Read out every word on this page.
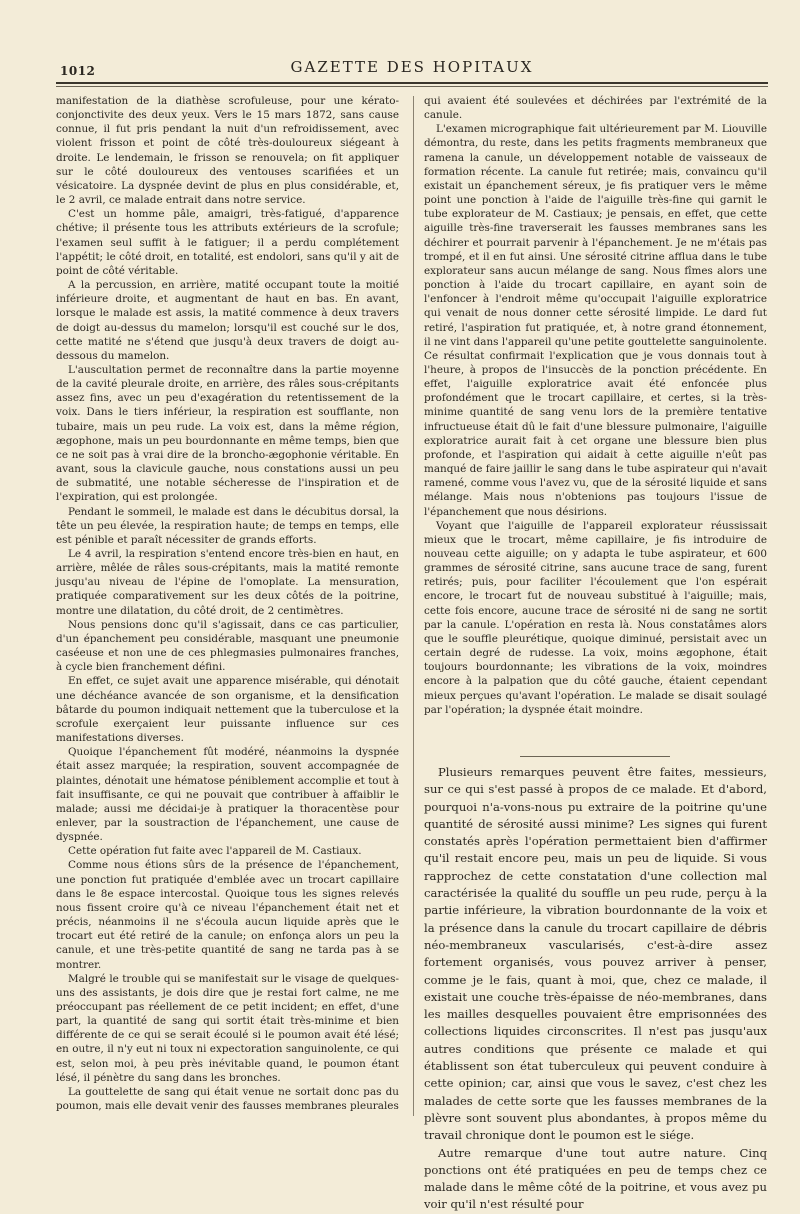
1012	GAZETTE DES HOPITAUX

manifestation de la diathèse scrofuleuse, pour une kérato-conjonctivite des deux yeux. Vers le 15 mars 1872, sans cause connue, il fut pris pendant la nuit d'un refroidissement, avec violent frisson et point de côté très-douloureux siégeant à droite. Le lendemain, le frisson se renouvela; on fit appliquer sur le côté douloureux des ventouses scarifiées et un vésicatoire. La dyspnée devint de plus en plus considérable, et, le 2 avril, ce malade entrait dans notre service.

C'est un homme pâle, amaigri, très-fatigué, d'apparence chétive; il présente tous les attributs extérieurs de la scrofule; l'examen seul suffit à le fatiguer; il a perdu complétement l'appétit; le côté droit, en totalité, est endolori, sans qu'il y ait de point de côté véritable.

A la percussion, en arrière, matité occupant toute la moitié inférieure droite, et augmentant de haut en bas. En avant, lorsque le malade est assis, la matité commence à deux travers de doigt au-dessus du mamelon; lorsqu'il est couché sur le dos, cette matité ne s'étend que jusqu'à deux travers de doigt au-dessous du mamelon.

L'auscultation permet de reconnaître dans la partie moyenne de la cavité pleurale droite, en arrière, des râles sous-crépitants assez fins, avec un peu d'exagération du retentissement de la voix. Dans le tiers inférieur, la respiration est soufflante, non tubaire, mais un peu rude. La voix est, dans la même région, ægophone, mais un peu bourdonnante en même temps, bien que ce ne soit pas à vrai dire de la broncho-ægophonie véritable. En avant, sous la clavicule gauche, nous constations aussi un peu de submatité, une notable sécheresse de l'inspiration et de l'expiration, qui est prolongée.

Pendant le sommeil, le malade est dans le décubitus dorsal, la tête un peu élevée, la respiration haute; de temps en temps, elle est pénible et paraît nécessiter de grands efforts.

Le 4 avril, la respiration s'entend encore très-bien en haut, en arrière, mêlée de râles sous-crépitants, mais la matité remonte jusqu'au niveau de l'épine de l'omoplate. La mensuration, pratiquée comparativement sur les deux côtés de la poitrine, montre une dilatation, du côté droit, de 2 centimètres.

Nous pensions donc qu'il s'agissait, dans ce cas particulier, d'un épanchement peu considérable, masquant une pneumonie caséeuse et non une de ces phlegmasies pulmonaires franches, à cycle bien franchement défini.

En effet, ce sujet avait une apparence misérable, qui dénotait une déchéance avancée de son organisme, et la densification bâtarde du poumon indiquait nettement que la tuberculose et la scrofule exerçaient leur puissante influence sur ces manifestations diverses.

Quoique l'épanchement fût modéré, néanmoins la dyspnée était assez marquée; la respiration, souvent accompagnée de plaintes, dénotait une hématose péniblement accomplie et tout à fait insuffisante, ce qui ne pouvait que contribuer à affaiblir le malade; aussi me décidai-je à pratiquer la thoracentèse pour enlever, par la soustraction de l'épanchement, une cause de dyspnée.

Cette opération fut faite avec l'appareil de M. Castiaux.

Comme nous étions sûrs de la présence de l'épanchement, une ponction fut pratiquée d'emblée avec un trocart capillaire dans le 8e espace intercostal. Quoique tous les signes relevés nous fissent croire qu'à ce niveau l'épanchement était net et précis, néanmoins il ne s'écoula aucun liquide après que le trocart eut été retiré de la canule; on enfonça alors un peu la canule, et une très-petite quantité de sang ne tarda pas à se montrer.

Malgré le trouble qui se manifestait sur le visage de quelques-uns des assistants, je dois dire que je restai fort calme, ne me préoccupant pas réellement de ce petit incident; en effet, d'une part, la quantité de sang qui sortit était très-minime et bien différente de ce qui se serait écoulé si le poumon avait été lésé; en outre, il n'y eut ni toux ni expectoration sanguinolente, ce qui est, selon moi, à peu près inévitable quand, le poumon étant lésé, il pénètre du sang dans les bronches.

La gouttelette de sang qui était venue ne sortait donc pas du poumon, mais elle devait venir des fausses membranes pleurales

qui avaient été soulevées et déchirées par l'extrémité de la canule.

L'examen micrographique fait ultérieurement par M. Liouville démontra, du reste, dans les petits fragments membraneux que ramena la canule, un développement notable de vaisseaux de formation récente. La canule fut retirée; mais, convaincu qu'il existait un épanchement séreux, je fis pratiquer vers le même point une ponction à l'aide de l'aiguille très-fine qui garnit le tube explorateur de M. Castiaux; je pensais, en effet, que cette aiguille très-fine traverserait les fausses membranes sans les déchirer et pourrait parvenir à l'épanchement. Je ne m'étais pas trompé, et il en fut ainsi. Une sérosité citrine afflua dans le tube explorateur sans aucun mélange de sang. Nous fîmes alors une ponction à l'aide du trocart capillaire, en ayant soin de l'enfoncer à l'endroit même qu'occupait l'aiguille exploratrice qui venait de nous donner cette sérosité limpide. Le dard fut retiré, l'aspiration fut pratiquée, et, à notre grand étonnement, il ne vint dans l'appareil qu'une petite gouttelette sanguinolente. Ce résultat confirmait l'explication que je vous donnais tout à l'heure, à propos de l'insuccès de la ponction précédente. En effet, l'aiguille exploratrice avait été enfoncée plus profondément que le trocart capillaire, et certes, si la très-minime quantité de sang venu lors de la première tentative infructueuse était dû le fait d'une blessure pulmonaire, l'aiguille exploratrice aurait fait à cet organe une blessure bien plus profonde, et l'aspiration qui aidait à cette aiguille n'eût pas manqué de faire jaillir le sang dans le tube aspirateur qui n'avait ramené, comme vous l'avez vu, que de la sérosité liquide et sans mélange. Mais nous n'obtenions pas toujours l'issue de l'épanchement que nous désirions.

Voyant que l'aiguille de l'appareil explorateur réussissait mieux que le trocart, même capillaire, je fis introduire de nouveau cette aiguille; on y adapta le tube aspirateur, et 600 grammes de sérosité citrine, sans aucune trace de sang, furent retirés; puis, pour faciliter l'écoulement que l'on espérait encore, le trocart fut de nouveau substitué à l'aiguille; mais, cette fois encore, aucune trace de sérosité ni de sang ne sortit par la canule. L'opération en resta là. Nous constatâmes alors que le souffle pleurétique, quoique diminué, persistait avec un certain degré de rudesse. La voix, moins ægophone, était toujours bourdonnante; les vibrations de la voix, moindres encore à la palpation que du côté gauche, étaient cependant mieux perçues qu'avant l'opération. Le malade se disait soulagé par l'opération; la dyspnée était moindre.

Plusieurs remarques peuvent être faites, messieurs, sur ce qui s'est passé à propos de ce malade. Et d'abord, pourquoi n'a-vons-nous pu extraire de la poitrine qu'une quantité de sérosité aussi minime? Les signes qui furent constatés après l'opération permettaient bien d'affirmer qu'il restait encore peu, mais un peu de liquide. Si vous rapprochez de cette constatation d'une collection mal caractérisée la qualité du souffle un peu rude, perçu à la partie inférieure, la vibration bourdonnante de la voix et la présence dans la canule du trocart capillaire de débris néo-membraneux vascularisés, c'est-à-dire assez fortement organisés, vous pouvez arriver à penser, comme je le fais, quant à moi, que, chez ce malade, il existait une couche très-épaisse de néo-membranes, dans les mailles desquelles pouvaient être emprisonnées des collections liquides circonscrites. Il n'est pas jusqu'aux autres conditions que présente ce malade et qui établissent son état tuberculeux qui peuvent conduire à cette opinion; car, ainsi que vous le savez, c'est chez les malades de cette sorte que les fausses membranes de la plèvre sont souvent plus abondantes, à propos même du travail chronique dont le poumon est le siége.

Autre remarque d'une tout autre nature. Cinq ponctions ont été pratiquées en peu de temps chez ce malade dans le même côté de la poitrine, et vous avez pu voir qu'il n'est résulté pour
